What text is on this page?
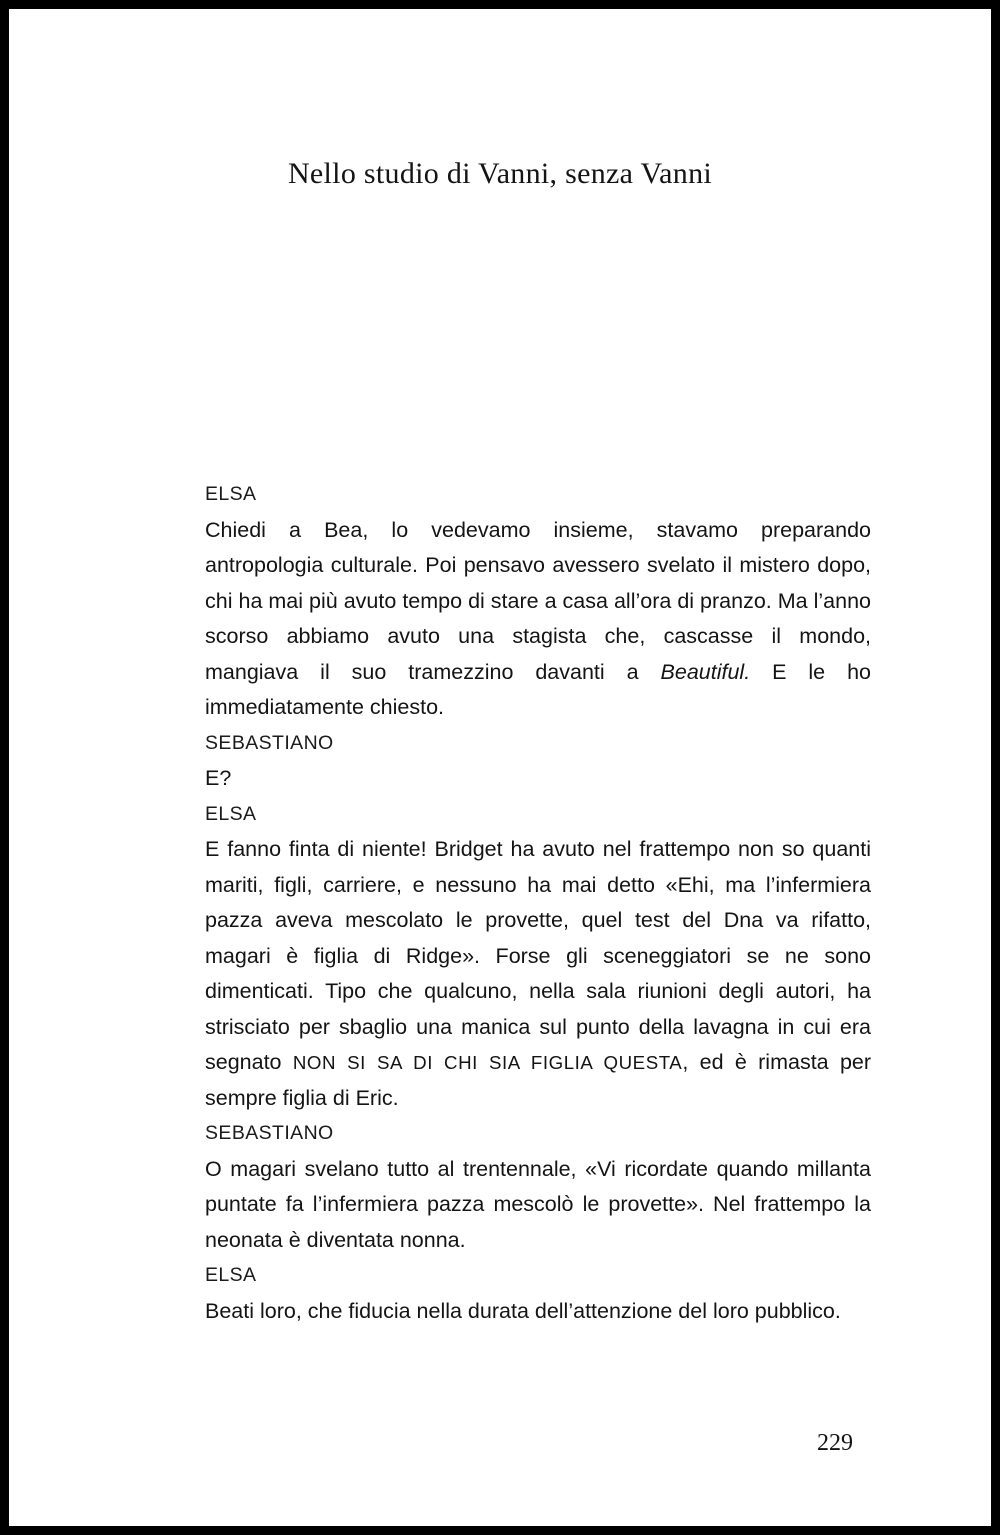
Nello studio di Vanni, senza Vanni
ELSA

Chiedi a Bea, lo vedevamo insieme, stavamo preparando antropologia culturale. Poi pensavo avessero svelato il mistero dopo, chi ha mai più avuto tempo di stare a casa all’ora di pranzo. Ma l’anno scorso abbiamo avuto una stagista che, cascasse il mondo, mangiava il suo tramezzino davanti a Beautiful. E le ho immediatamente chiesto.

SEBASTIANO

E?

ELSA

E fanno finta di niente! Bridget ha avuto nel frattempo non so quanti mariti, figli, carriere, e nessuno ha mai detto «Ehi, ma l’infermiera pazza aveva mescolato le provette, quel test del Dna va rifatto, magari è figlia di Ridge». Forse gli sceneggiatori se ne sono dimenticati. Tipo che qualcuno, nella sala riunioni degli autori, ha strisciato per sbaglio una manica sul punto della lavagna in cui era segnato NON SI SA DI CHI SIA FIGLIA QUESTA, ed è rimasta per sempre figlia di Eric.

SEBASTIANO

O magari svelano tutto al trentennale, «Vi ricordate quando millanta puntate fa l’infermiera pazza mescolò le provette». Nel frattempo la neonata è diventata nonna.

ELSA

Beati loro, che fiducia nella durata dell’attenzione del loro pubblico.

229
